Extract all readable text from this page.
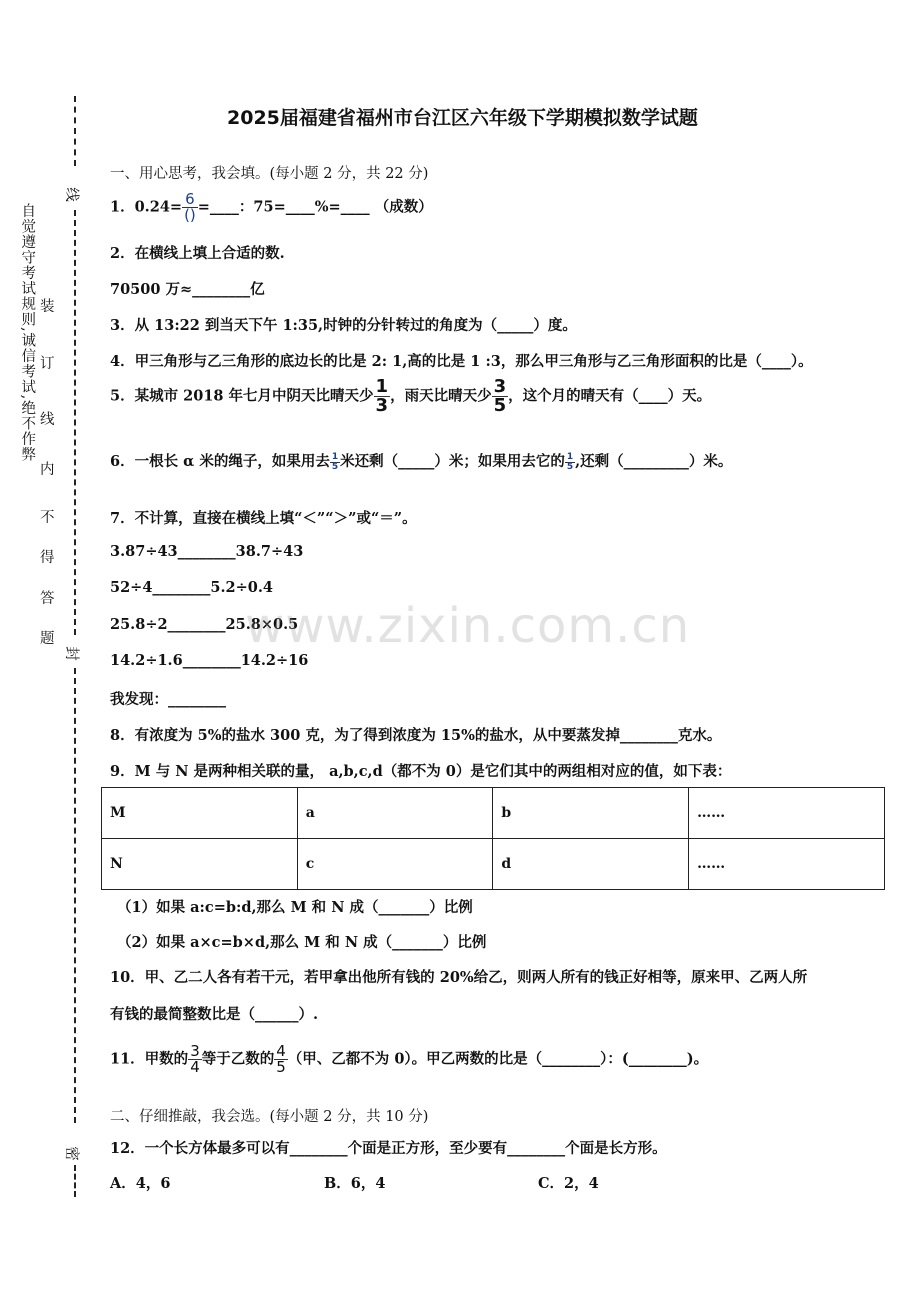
线
封
密
自觉遵守考试规则,诚信考试,绝不作弊 装
订
线
内
不
得
答
题
2025届福建省福州市台江区六年级下学期模拟数学试题
一、用心思考，我会填。(每小题 2 分，共 22 分)
1．$0.24= \frac{6}{()}$ =____：75=____%=____ （成数）
2．在横线上填上合适的数.
70500 万≈________亿
3．从 13:22 到当天下午 1:35,时钟的分针转过的角度为（_____）度。
4．甲三角形与乙三角形的底边长的比是 2: 1,高的比是 1 :3，那么甲三角形与乙三角形面积的比是（____）。
5．某城市 2018 年七月中阴天比晴天少 $\frac{1}{3}$ ，雨天比晴天少 $\frac{3}{5}$ ，这个月的晴天有（____）天。
6．一根长 α 米的绳子，如果用去 $\frac{1}{5}$ 米还剩（_____）米；如果用去它的 $\frac{1}{5}$ ,还剩（_________）米。
7．不计算，直接在横线上填“＜”“＞”或“＝”。
3.87÷43________38.7÷43
52÷4________5.2÷0.4
25.8÷2________25.8×0.5
14.2÷1.6________14.2÷16
我发现：________
8．有浓度为 5%的盐水 300 克，为了得到浓度为 15%的盐水，从中要蒸发掉________克水。
9．M 与 N 是两种相关联的量， a,b,c,d（都不为 0）是它们其中的两组相对应的值，如下表：
M	a	b	……
N	c	d	……
（1）如果 a:c=b:d,那么 M 和 N 成（_______）比例
（2）如果 a×c=b×d,那么 M 和 N 成（_______）比例
10．甲、乙二人各有若干元，若甲拿出他所有钱的 20%给乙，则两人所有的钱正好相等，原来甲、乙两人所
有钱的最简整数比是（______）.
11．甲数的 $\frac{3}{4}$ 等于乙数的 $\frac{4}{5}$ （甲、乙都不为 0）。甲乙两数的比是（________）：(________)。
二、仔细推敲，我会选。(每小题 2 分，共 10 分)
12．一个长方体最多可以有________个面是正方形，至少要有________个面是长方形。
A．4，6	B．6，4	C．2，4
www.zixin.com.cn
